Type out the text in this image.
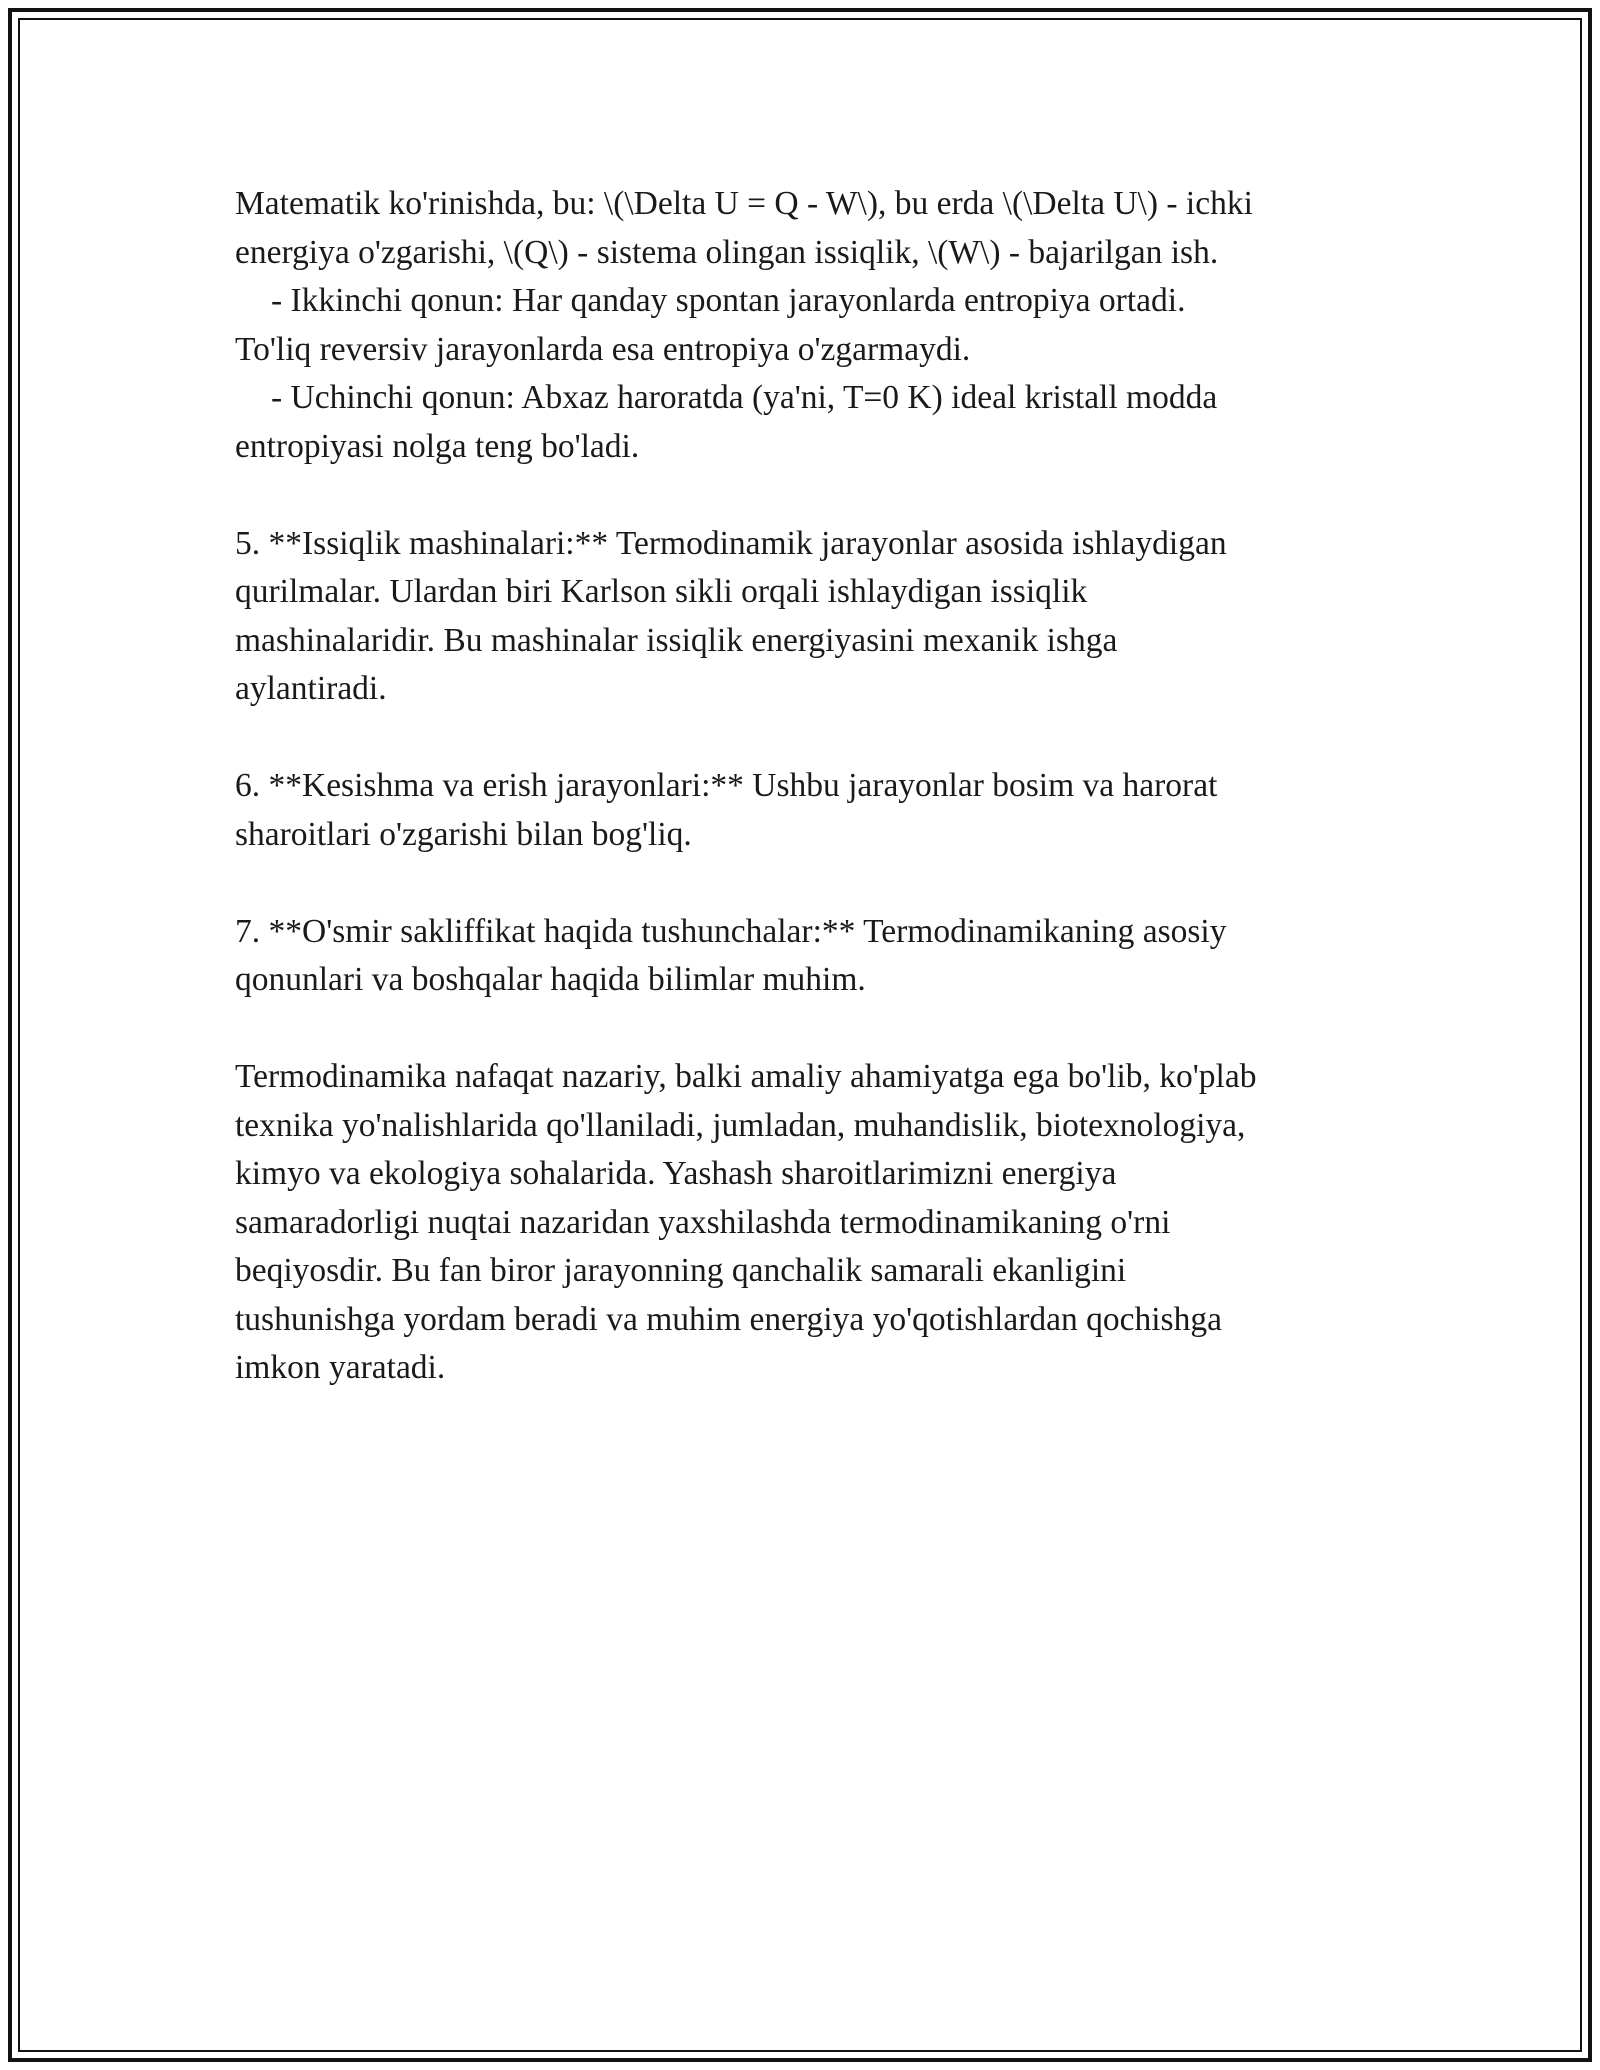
Matematik ko'rinishda, bu: \(\Delta U = Q - W\), bu erda \(\Delta U\) - ichki
energiya o'zgarishi, \(Q\) - sistema olingan issiqlik, \(W\) - bajarilgan ish.
- Ikkinchi qonun: Har qanday spontan jarayonlarda entropiya ortadi.
To'liq reversiv jarayonlarda esa entropiya o'zgarmaydi.
- Uchinchi qonun: Abxaz haroratda (ya'ni, T=0 K) ideal kristall modda
entropiyasi nolga teng bo'ladi.
5. **Issiqlik mashinalari:** Termodinamik jarayonlar asosida ishlaydigan
qurilmalar. Ulardan biri Karlson sikli orqali ishlaydigan issiqlik
mashinalaridir. Bu mashinalar issiqlik energiyasini mexanik ishga
aylantiradi.
6. **Kesishma va erish jarayonlari:** Ushbu jarayonlar bosim va harorat
sharoitlari o'zgarishi bilan bog'liq.
7. **O'smir sakliffikat haqida tushunchalar:** Termodinamikaning asosiy
qonunlari va boshqalar haqida bilimlar muhim.
Termodinamika nafaqat nazariy, balki amaliy ahamiyatga ega bo'lib, ko'plab
texnika yo'nalishlarida qo'llaniladi, jumladan, muhandislik, biotexnologiya,
kimyo va ekologiya sohalarida. Yashash sharoitlarimizni energiya
samaradorligi nuqtai nazaridan yaxshilashda termodinamikaning o'rni
beqiyosdir. Bu fan biror jarayonning qanchalik samarali ekanligini
tushunishga yordam beradi va muhim energiya yo'qotishlardan qochishga
imkon yaratadi.
